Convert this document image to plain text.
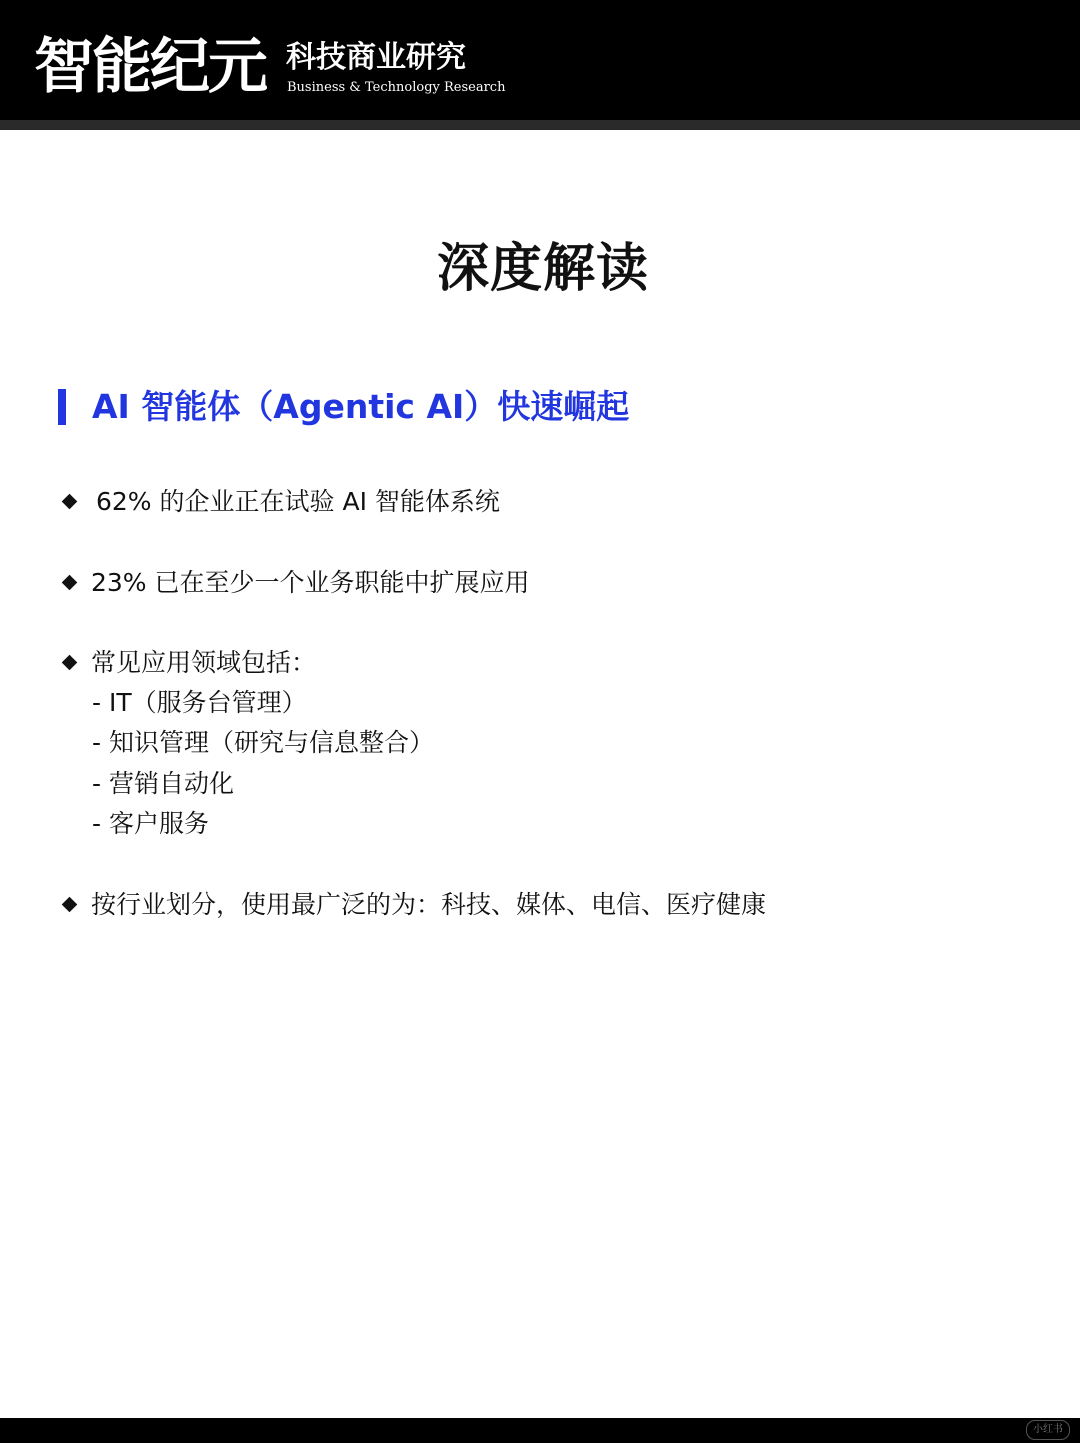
智能纪元 科技商业研究
Business & Technology Research
深度解读
AI 智能体（Agentic AI）快速崛起
62% 的企业正在试验 AI 智能体系统
23% 已在至少一个业务职能中扩展应用
常见应用领域包括：
- IT（服务台管理）
- 知识管理（研究与信息整合）
- 营销自动化
- 客户服务
按行业划分，使用最广泛的为：科技、媒体、电信、医疗健康
小红书
